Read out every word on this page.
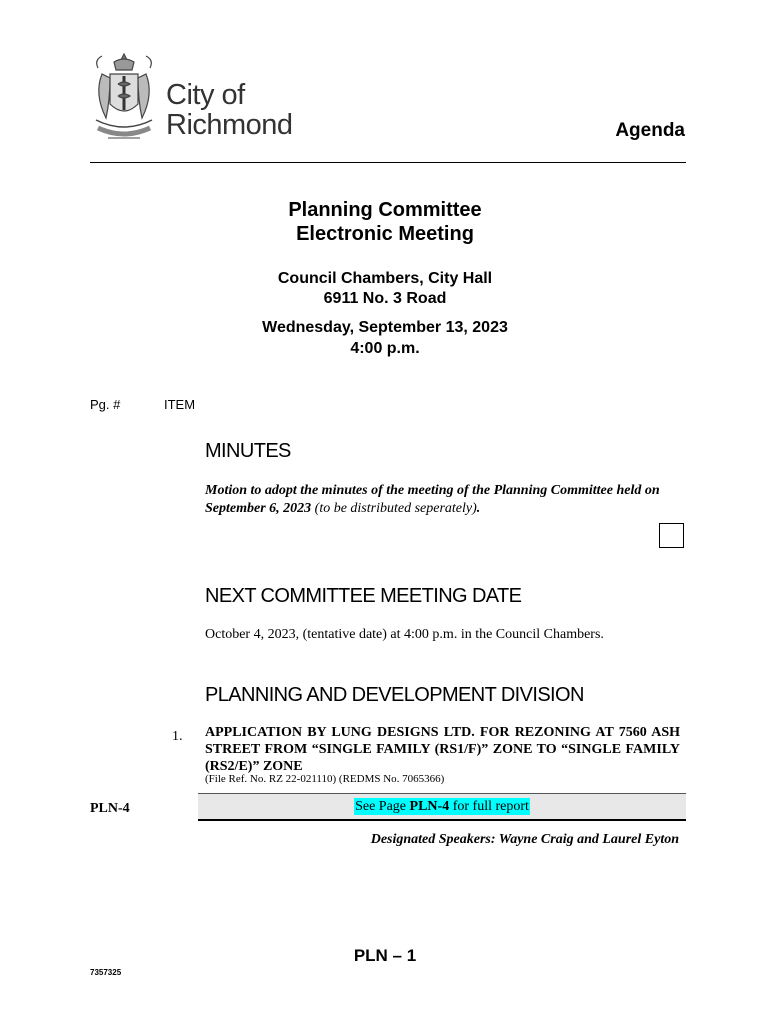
City of
Richmond	Agenda
Planning Committee
Electronic Meeting
Council Chambers, City Hall
6911 No. 3 Road
Wednesday, September 13, 2023
4:00 p.m.
Pg. #	ITEM
MINUTES
Motion to adopt the minutes of the meeting of the Planning Committee held on September 6, 2023 (to be distributed seperately).
NEXT COMMITTEE MEETING DATE
October 4, 2023, (tentative date) at 4:00 p.m. in the Council Chambers.
PLANNING AND DEVELOPMENT DIVISION
1. APPLICATION BY LUNG DESIGNS LTD. FOR REZONING AT 7560 ASH STREET FROM “SINGLE FAMILY (RS1/F)” ZONE TO “SINGLE FAMILY (RS2/E)” ZONE
(File Ref. No. RZ 22-021110) (REDMS No. 7065366)
PLN-4	See Page PLN-4 for full report
Designated Speakers: Wayne Craig and Laurel Eyton
PLN – 1
7357325
